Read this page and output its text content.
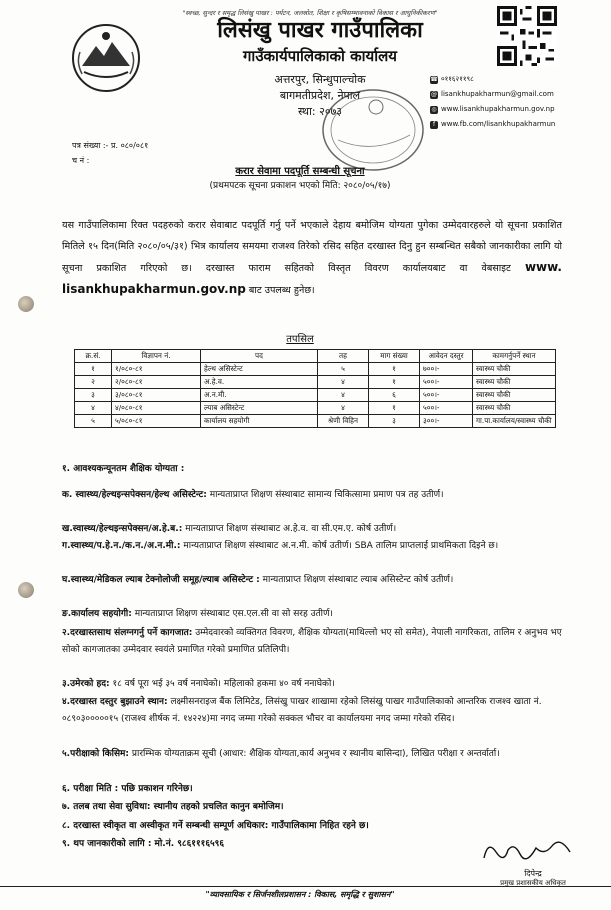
"स्वच्छ, सुन्दर र समृद्ध लिसंखु पाखर : पर्यटन, जलस्रोत, शिक्षा र कृषिसम्भावनाको विकास र आधुनिकीकरण"
लिसंखु पाखर गाउँपालिका
गाउँकार्यपालिकाको कार्यालय
अत्तरपुर, सिन्धुपाल्चोक
बागमतीप्रदेश, नेपाल
स्था: २०७३
☎ ०११६२११९८
@ lisankhupakharmun@gmail.com
◎ www.lisankhupakharmun.gov.np
f www.fb.com/lisankhupakharmun
पत्र संख्या :- प्र. ०८०/०८१
च नं :
करार सेवामा पदपूर्ति सम्बन्धी सूचना
(प्रथमपटक सूचना प्रकाशन भएको मिति: २०८०/०५/१७)
यस गाउँपालिकामा रिक्त पदहरुको करार सेवाबाट पदपूर्ति गर्नु पर्ने भएकाले देहाय बमोजिम योग्यता पुगेका उम्मेदवारहरुले यो सूचना प्रकाशित मितिले १५ दिन(मिति २०८०/०५/३१) भित्र कार्यालय समयमा राजश्व तिरेको रसिद सहित दरखास्त दिनु हुन सम्बन्धित सबैको जानकारीका लागि यो सूचना प्रकाशित गरिएको छ। दरखास्त फाराम सहितको विस्तृत विवरण कार्यालयबाट वा वेबसाइट www. lisankhupakharmun.gov.np बाट उपलब्ध हुनेछ।
तपसिल
क्र.सं.	विज्ञापन नं.	पद	तह	माग संख्या	आवेदन दस्तुर	कामगर्नुपर्ने स्थान
१	१/०८०-८१	हेल्थ असिस्टेन्ट	५	१	७००।-	स्वास्थ्य चौकी
२	२/०८०-८१	अ.हे.व.	४	१	५००।-	स्वास्थ्य चौकी
३	३/०८०-८१	अ.न.मी.	४	६	५००।-	स्वास्थ्य चौकी
४	४/०८०-८१	ल्याब असिस्टेन्ट	४	१	५००।-	स्वास्थ्य चौकी
५	५/०८०-८१	कार्यालय सहयोगी	श्रेणी विहिन	३	३००।-	गा.पा.कार्यालय/स्वास्थ्य चौकी
१. आवश्यकन्यूनतम शैक्षिक योग्यता :
क. स्वास्थ्य/हेल्थइन्सपेक्सन/हेल्थ असिस्टेन्ट: मान्यताप्राप्त शिक्षण संस्थाबाट सामान्य चिकित्सामा प्रमाण पत्र तह उतीर्ण।
ख.स्वास्थ्य/हेल्थइन्सपेक्सन/अ.हे.ब.: मान्यताप्राप्त शिक्षण संस्थाबाट अ.हे.व. वा सी.एम.ए. कोर्ष उतीर्ण।
ग.स्वास्थ्य/प.हे.न./क.न./अ.न.मी.: मान्यताप्राप्त शिक्षण संस्थाबाट अ.न.मी. कोर्ष उतीर्ण। SBA तालिम प्राप्तलाई प्राथमिकता दिइने छ।
घ.स्वास्थ्य/मेडिकल ल्याब टेक्नोलोजी समूह/ल्याब असिस्टेन्ट : मान्यताप्राप्त शिक्षण संस्थाबाट ल्याब असिस्टेन्ट कोर्ष उतीर्ण।
ङ.कार्यालय सहयोगी: मान्यताप्राप्त शिक्षण संस्थाबाट एस.एल.सी वा सो सरह उतीर्ण।
२.दरखास्तसाथ संलग्नगर्नु पर्ने कागजात: उम्मेदवारको व्यक्तिगत विवरण, शैक्षिक योग्यता(माथिल्लो भए सो समेत), नेपाली नागरिकता, तालिम र अनुभव भए सोको कागजातका उम्मेदवार स्वयंले प्रमाणित गरेको प्रमाणित प्रतिलिपी।
३.उमेरको हद: १८ वर्ष पूरा भई ३५ वर्ष ननाघेको। महिलाको हकमा ४० वर्ष ननाघेको।
४.दरखास्त दस्तुर बुझाउने स्थान: लक्ष्मीसनराइज बैंक लिमिटेड, लिसंखु पाखर शाखामा रहेको लिसंखु पाखर गाउँपालिकाको आन्तरिक राजश्व खाता नं. ०८९०३०००००१५ (राजश्व शीर्षक नं. १४२२४)मा नगद जम्मा गरेको सक्कल भौचर वा कार्यालयमा नगद जम्मा गरेको रसिद।
५.परीक्षाको किसिम: प्रारम्भिक योग्यताक्रम सूची (आधार: शैक्षिक योग्यता,कार्य अनुभव र स्थानीय बासिन्दा), लिखित परीक्षा र अन्तर्वार्ता।
६. परीक्षा मिति : पछि प्रकाशन गरिनेछ।
७. तलब तथा सेवा सुविधा: स्थानीय तहको प्रचलित कानुन बमोजिम।
८. दरखास्त स्वीकृत वा अस्वीकृत गर्ने सम्बन्धी सम्पूर्ण अधिकार: गाउँपालिकामा निहित रहने छ।
९. थप जानकारीको लागि : मो.नं. ९८६१११६५९६
दिपेन्द्र
प्रमुख प्रशासकीय अधिकृत
"व्यावसायिक र सिर्जनशीलप्रशासन : विकास, समृद्धि र सुशासन"
